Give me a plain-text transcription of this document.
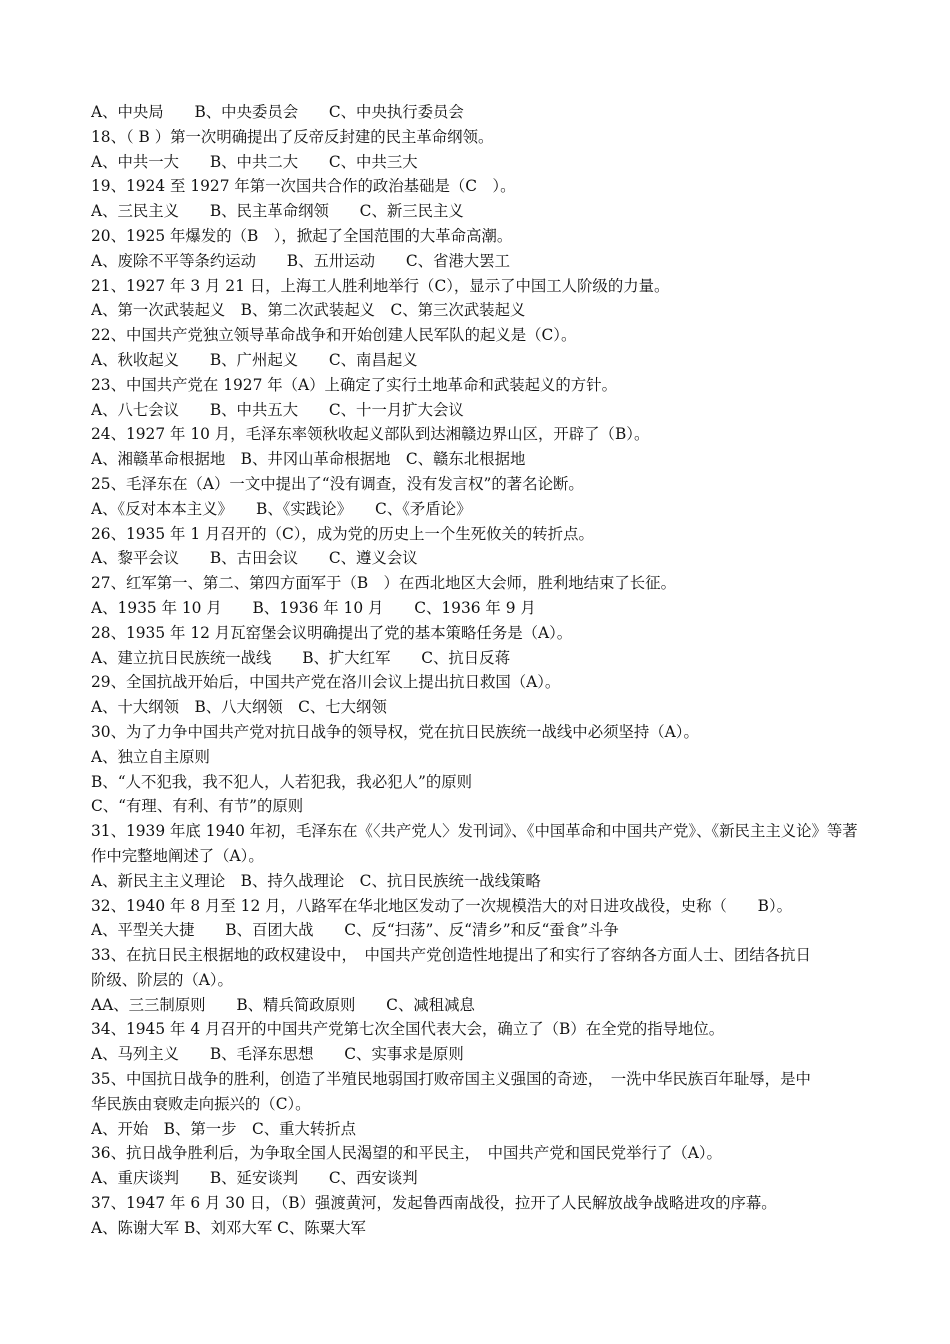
A、中央局　　B、中央委员会　　C、中央执行委员会
18、（ B ）第一次明确提出了反帝反封建的民主革命纲领。
A、中共一大　　B、中共二大　　C、中共三大
19、1924 至 1927 年第一次国共合作的政治基础是（C　）。
A、三民主义　　B、民主革命纲领　　C、新三民主义
20、1925 年爆发的（B　），掀起了全国范围的大革命高潮。
A、废除不平等条约运动　　B、五卅运动　　C、省港大罢工
21、1927 年 3 月 21 日，上海工人胜利地举行（C），显示了中国工人阶级的力量。
A、第一次武装起义　B、第二次武装起义　C、第三次武装起义
22、中国共产党独立领导革命战争和开始创建人民军队的起义是（C）。
A、秋收起义　　B、广州起义　　C、南昌起义
23、中国共产党在 1927 年（A）上确定了实行土地革命和武装起义的方针。
A、八七会议　　B、中共五大　　C、十一月扩大会议
24、1927 年 10 月，毛泽东率领秋收起义部队到达湘赣边界山区，开辟了（B）。
A、湘赣革命根据地　B、井冈山革命根据地　C、赣东北根据地
25、毛泽东在（A）一文中提出了“没有调查，没有发言权”的著名论断。
A、《反对本本主义》　　B、《实践论》　　C、《矛盾论》
26、1935 年 1 月召开的（C），成为党的历史上一个生死攸关的转折点。
A、黎平会议　　B、古田会议　　C、遵义会议
27、红军第一、第二、第四方面军于（B　）在西北地区大会师，胜利地结束了长征。
A、1935 年 10 月　　B、1936 年 10 月　　C、1936 年 9 月
28、1935 年 12 月瓦窑堡会议明确提出了党的基本策略任务是（A）。
A、建立抗日民族统一战线　　B、扩大红军　　C、抗日反蒋
29、全国抗战开始后，中国共产党在洛川会议上提出抗日救国（A）。
A、十大纲领　B、八大纲领　C、七大纲领
30、为了力争中国共产党对抗日战争的领导权，党在抗日民族统一战线中必须坚持（A）。
A、独立自主原则
B、“人不犯我，我不犯人，人若犯我，我必犯人”的原则
C、“有理、有利、有节”的原则
31、1939 年底 1940 年初，毛泽东在《〈共产党人〉发刊词》、《中国革命和中国共产党》、《新民主主义论》等著
作中完整地阐述了（A）。
A、新民主主义理论　B、持久战理论　C、抗日民族统一战线策略
32、1940 年 8 月至 12 月，八路军在华北地区发动了一次规模浩大的对日进攻战役，史称（　　B）。
A、平型关大捷　　B、百团大战　　C、反“扫荡”、反“清乡”和反“蚕食”斗争
33、在抗日民主根据地的政权建设中，　中国共产党创造性地提出了和实行了容纳各方面人士、团结各抗日
阶级、阶层的（A）。
AA、三三制原则　　B、精兵简政原则　　C、减租减息
34、1945 年 4 月召开的中国共产党第七次全国代表大会，确立了（B）在全党的指导地位。
A、马列主义　　B、毛泽东思想　　C、实事求是原则
35、中国抗日战争的胜利，创造了半殖民地弱国打败帝国主义强国的奇迹，　一洗中华民族百年耻辱，是中
华民族由衰败走向振兴的（C）。
A、开始　B、第一步　C、重大转折点
36、抗日战争胜利后，为争取全国人民渴望的和平民主，　中国共产党和国民党举行了（A）。
A、重庆谈判　　B、延安谈判　　C、西安谈判
37、1947 年 6 月 30 日，（B）强渡黄河，发起鲁西南战役，拉开了人民解放战争战略进攻的序幕。
A、陈谢大军 B、刘邓大军 C、陈粟大军
